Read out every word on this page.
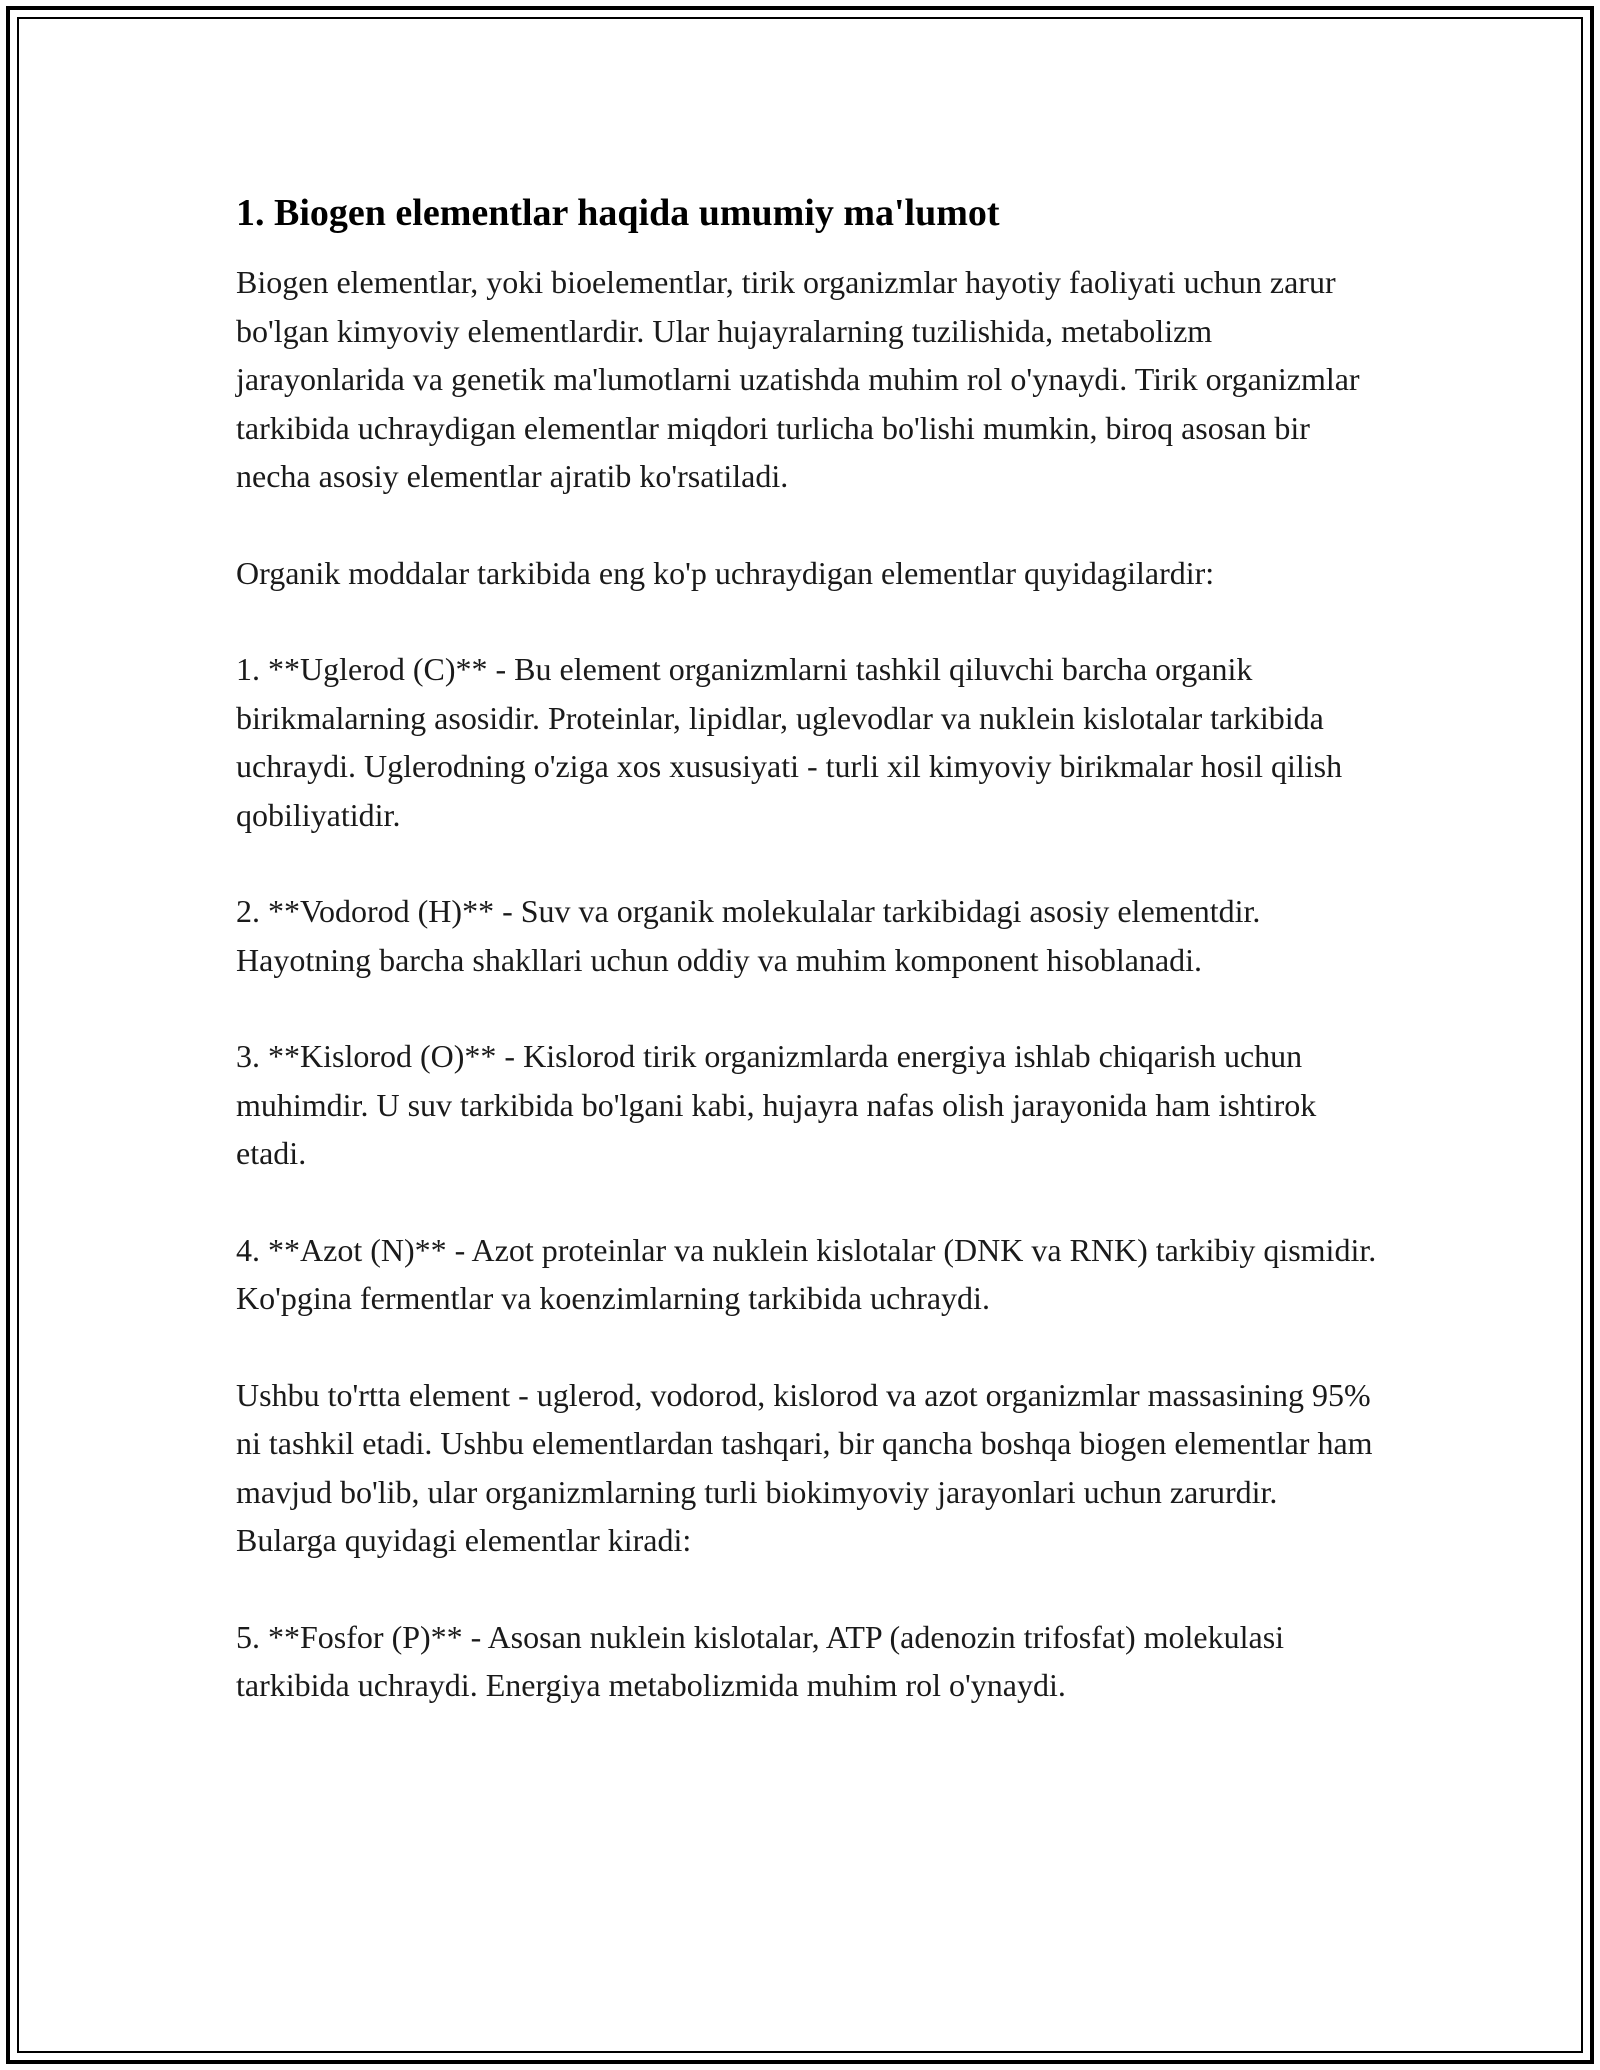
1. Biogen elementlar haqida umumiy ma'lumot

Biogen elementlar, yoki bioelementlar, tirik organizmlar hayotiy faoliyati uchun zarur bo'lgan kimyoviy elementlardir. Ular hujayralarning tuzilishida, metabolizm jarayonlarida va genetik ma'lumotlarni uzatishda muhim rol o'ynaydi. Tirik organizmlar tarkibida uchraydigan elementlar miqdori turlicha bo'lishi mumkin, biroq asosan bir necha asosiy elementlar ajratib ko'rsatiladi.

Organik moddalar tarkibida eng ko'p uchraydigan elementlar quyidagilardir:

1. **Uglerod (C)** - Bu element organizmlarni tashkil qiluvchi barcha organik birikmalarning asosidir. Proteinlar, lipidlar, uglevodlar va nuklein kislotalar tarkibida uchraydi. Uglerodning o'ziga xos xususiyati - turli xil kimyoviy birikmalar hosil qilish qobiliyatidir.

2. **Vodorod (H)** - Suv va organik molekulalar tarkibidagi asosiy elementdir. Hayotning barcha shakllari uchun oddiy va muhim komponent hisoblanadi.

3. **Kislorod (O)** - Kislorod tirik organizmlarda energiya ishlab chiqarish uchun muhimdir. U suv tarkibida bo'lgani kabi, hujayra nafas olish jarayonida ham ishtirok etadi.

4. **Azot (N)** - Azot proteinlar va nuklein kislotalar (DNK va RNK) tarkibiy qismidir. Ko'pgina fermentlar va koenzimlarning tarkibida uchraydi.

Ushbu to'rtta element - uglerod, vodorod, kislorod va azot organizmlar massasining 95% ni tashkil etadi. Ushbu elementlardan tashqari, bir qancha boshqa biogen elementlar ham mavjud bo'lib, ular organizmlarning turli biokimyoviy jarayonlari uchun zarurdir. Bularga quyidagi elementlar kiradi:

5. **Fosfor (P)** - Asosan nuklein kislotalar, ATP (adenozin trifosfat) molekulasi tarkibida uchraydi. Energiya metabolizmida muhim rol o'ynaydi.
